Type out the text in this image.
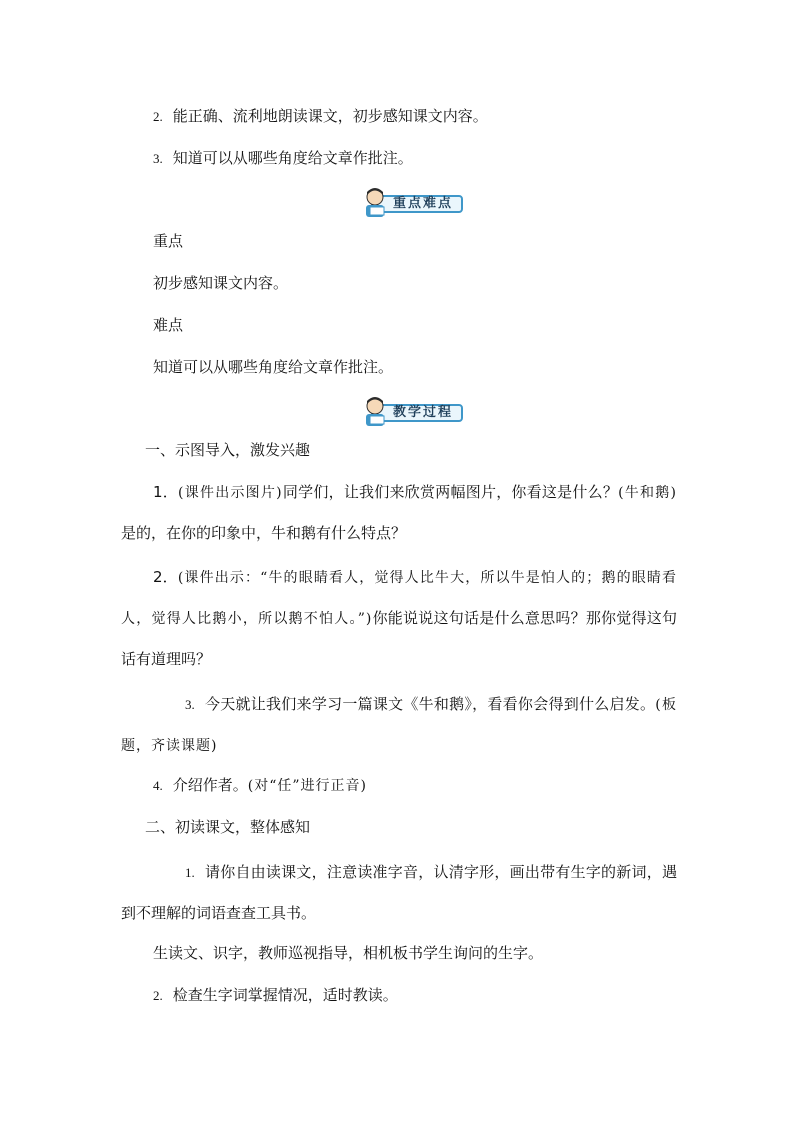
2. 能正确、流利地朗读课文，初步感知课文内容。
3. 知道可以从哪些角度给文章作批注。
重点难点
重点
初步感知课文内容。
难点
知道可以从哪些角度给文章作批注。
教学过程
一、示图导入，激发兴趣
1．(课件出示图片)同学们，让我们来欣赏两幅图片，你看这是什么？(牛和鹅)是的，在你的印象中，牛和鹅有什么特点？
2．(课件出示：“牛的眼睛看人，觉得人比牛大，所以牛是怕人的；鹅的眼睛看人，觉得人比鹅小，所以鹅不怕人。”)你能说说这句话是什么意思吗？那你觉得这句话有道理吗？
3. 今天就让我们来学习一篇课文《牛和鹅》，看看你会得到什么启发。(板题，齐读课题)
4. 介绍作者。(对“任”进行正音)
二、初读课文，整体感知
1. 请你自由读课文，注意读准字音，认清字形，画出带有生字的新词，遇到不理解的词语查查工具书。
生读文、识字，教师巡视指导，相机板书学生询问的生字。
2. 检查生字词掌握情况，适时教读。
